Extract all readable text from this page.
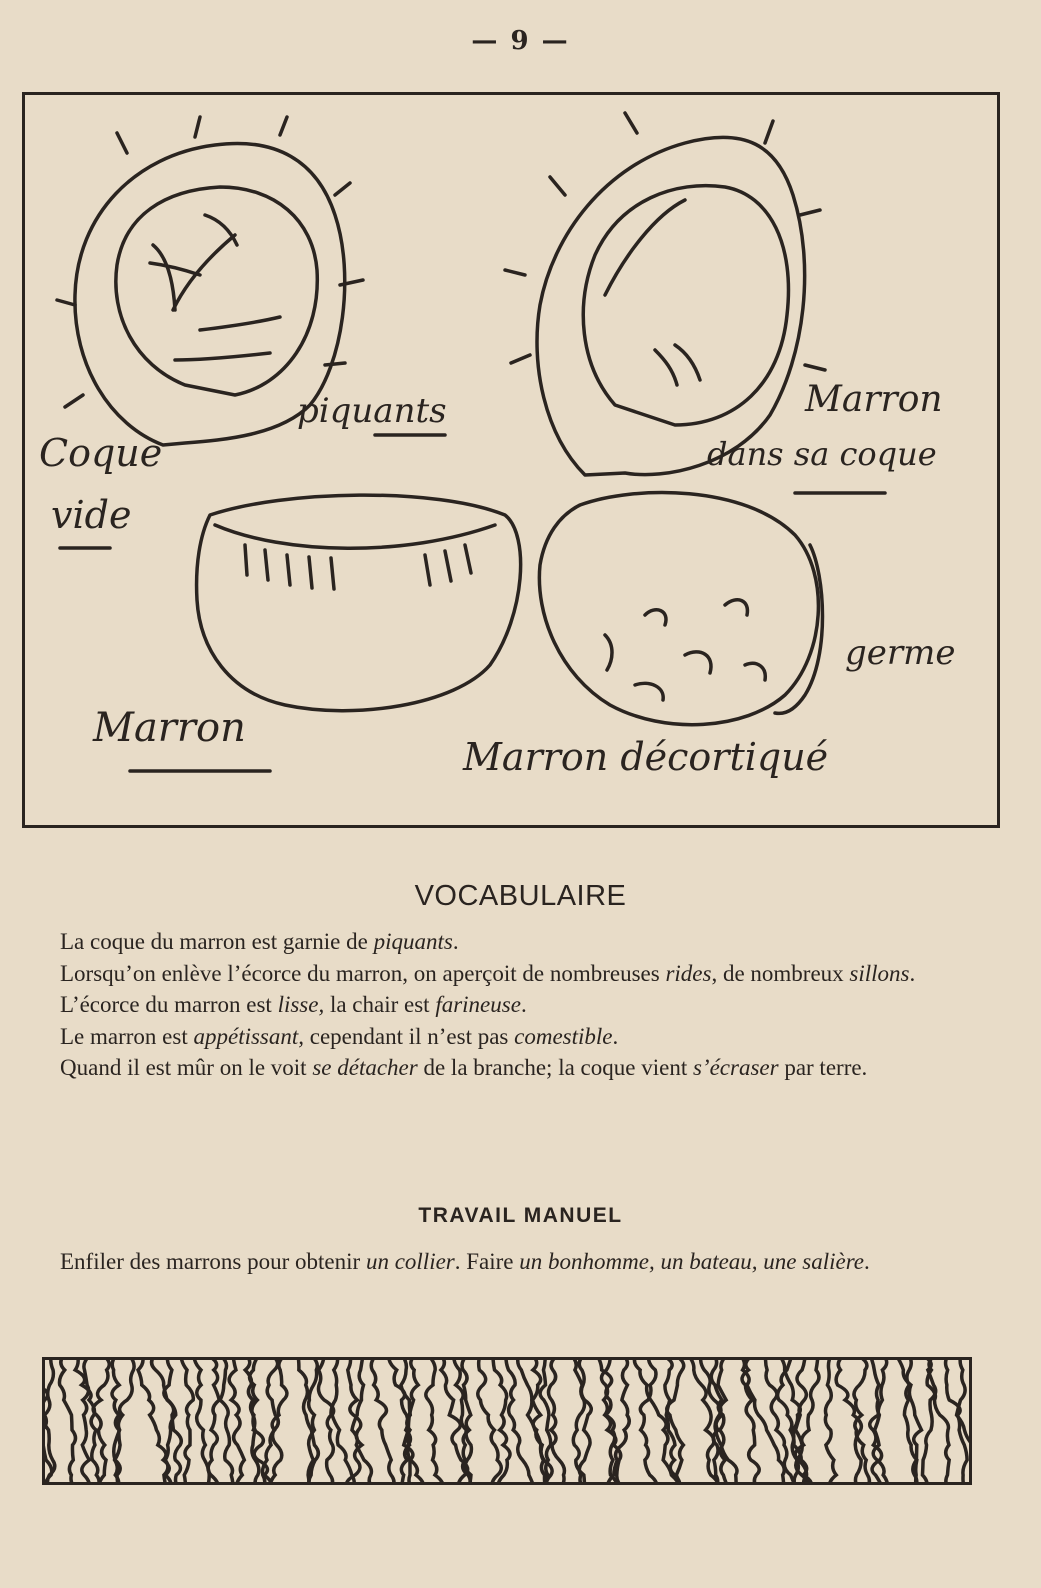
— 9 —
Coque
vide
piquants	Marron
dans sa coque
Marron
germe
Marron décortiqué
VOCABULAIRE

La coque du marron est garnie de piquants.

Lorsqu’on enlève l’écorce du marron, on aperçoit de nombreuses rides, de nombreux sillons.

L’écorce du marron est lisse, la chair est farineuse.

Le marron est appétissant, cependant il n’est pas comestible.

Quand il est mûr on le voit se détacher de la branche; la coque vient s’écraser par terre.

TRAVAIL MANUEL

Enfiler des marrons pour obtenir un collier. Faire un bonhomme, un bateau, une salière.
